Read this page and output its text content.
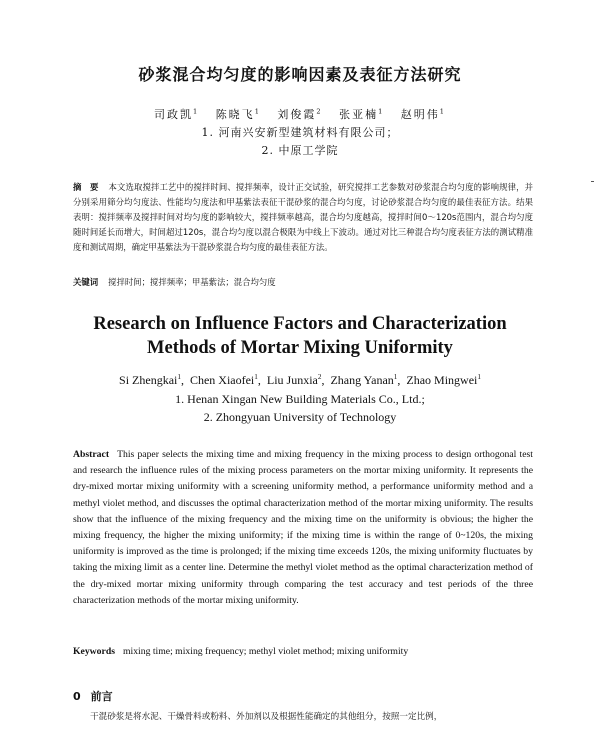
砂浆混合均匀度的影响因素及表征方法研究
司政凯$^1$ 陈晓飞$^1$ 刘俊霞$^2$ 张亚楠$^1$ 赵明伟$^1$
1. 河南兴安新型建筑材料有限公司；
2. 中原工学院
摘　要 本文选取搅拌工艺中的搅拌时间、搅拌频率，设计正交试验，研究搅拌工艺参数对砂浆混合均匀度的影响规律，并分别采用筛分均匀度法、性能均匀度法和甲基紫法表征干混砂浆的混合均匀度，讨论砂浆混合均匀度的最佳表征方法。结果表明：搅拌频率及搅拌时间对均匀度的影响较大，搅拌频率越高，混合均匀度越高，搅拌时间0～120s范围内，混合均匀度随时间延长而增大，时间超过120s，混合均匀度以混合极限为中线上下波动。通过对比三种混合均匀度表征方法的测试精准度和测试周期，确定甲基紫法为干混砂浆混合均匀度的最佳表征方法。
关键词 搅拌时间；搅拌频率；甲基紫法；混合均匀度
Research on Influence Factors and Characterization
Methods of Mortar Mixing Uniformity
Si Zhengkai$^1$,  Chen Xiaofei$^1$,  Liu Junxia$^2$,  Zhang Yanan$^1$,  Zhao Mingwei$^1$
1. Henan Xingan New Building Materials Co., Ltd.;
2. Zhongyuan University of Technology
Abstract This paper selects the mixing time and mixing frequency in the mixing process to design orthogonal test and research the influence rules of the mixing process parameters on the mortar mixing uniformity. It represents the dry-mixed mortar mixing uniformity with a screening uniformity method, a performance uniformity method and a methyl violet method, and discusses the optimal characterization method of the mortar mixing uniformity. The results show that the influence of the mixing frequency and the mixing time on the uniformity is obvious; the higher the mixing frequency, the higher the mixing uniformity; if the mixing time is within the range of 0~120s, the mixing uniformity is improved as the time is prolonged; if the mixing time exceeds 120s, the mixing uniformity fluctuates by taking the mixing limit as a center line. Determine the methyl violet method as the optimal characterization method of the dry-mixed mortar mixing uniformity through comparing the test accuracy and test periods of the three characterization methods of the mortar mixing uniformity.
Keywords mixing time; mixing frequency; methyl violet method; mixing uniformity
0 前言
干混砂浆是将水泥、干燥骨料或粉料、外加剂以及根据性能确定的其他组分，按照一定比例，
